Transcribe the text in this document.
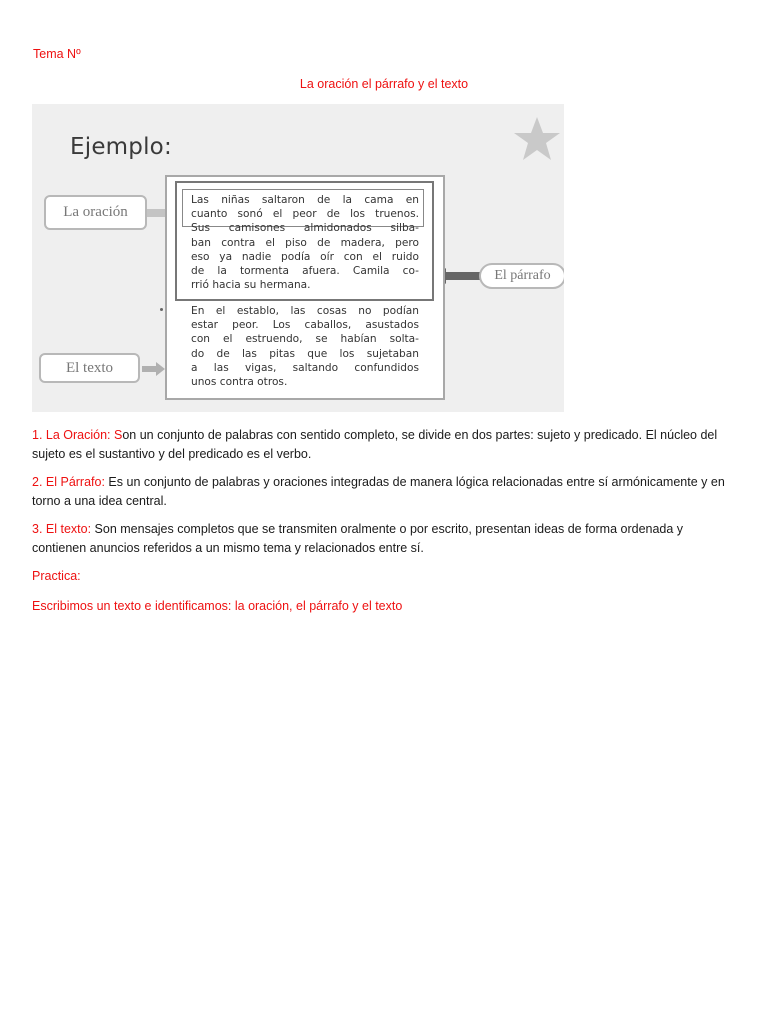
Tema Nº
La oración el párrafo y el texto
Ejemplo:
La oración
El texto
El párrafo
Las niñas saltaron de la cama en
cuanto sonó el peor de los truenos.
Sus camisones almidonados silba-
ban contra el piso de madera, pero
eso ya nadie podía oír con el ruido
de la tormenta afuera. Camila co-
rrió hacia su hermana.
En el establo, las cosas no podían
estar peor. Los caballos, asustados
con el estruendo, se habían solta-
do de las pitas que los sujetaban
a las vigas, saltando confundidos
unos contra otros.
1. La Oración: Son un conjunto de palabras con sentido completo, se divide en dos partes: sujeto y predicado. El núcleo del sujeto es el sustantivo y del predicado es el verbo.
2. El Párrafo: Es un conjunto de palabras y oraciones integradas de manera lógica relacionadas entre sí armónicamente y en torno a una idea central.
3. El texto: Son mensajes completos que se transmiten oralmente o por escrito, presentan ideas de forma ordenada y contienen anuncios referidos a un mismo tema y relacionados entre sí.
Practica:
Escribimos un texto e identificamos: la oración, el párrafo y el texto
